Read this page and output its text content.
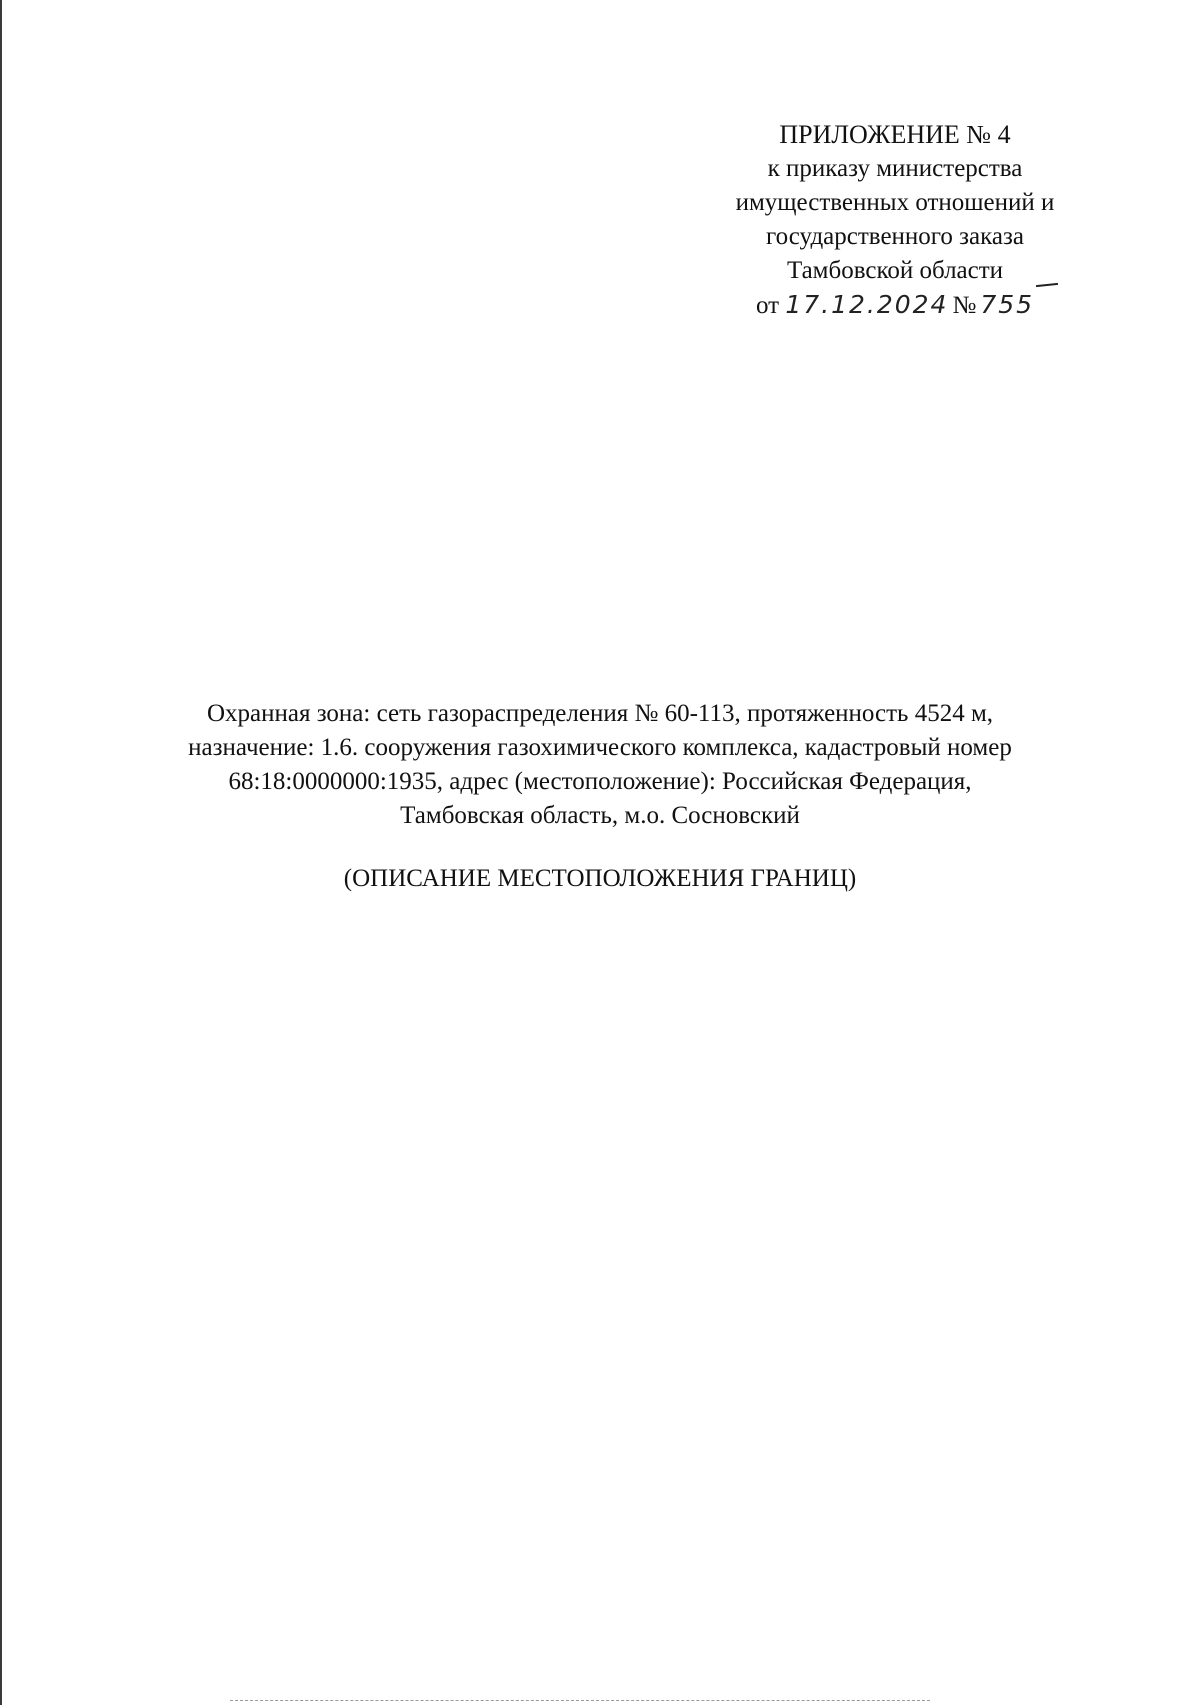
ПРИЛОЖЕНИЕ № 4
к приказу министерства
имущественных отношений и
государственного заказа
Тамбовской области
от 17.12.2024 № 755
Охранная зона: сеть газораспределения № 60-113, протяженность 4524 м,
назначение: 1.6. сооружения газохимического комплекса, кадастровый номер
68:18:0000000:1935, адрес (местоположение): Российская Федерация,
Тамбовская область, м.о. Сосновский
(ОПИСАНИЕ МЕСТОПОЛОЖЕНИЯ ГРАНИЦ)
